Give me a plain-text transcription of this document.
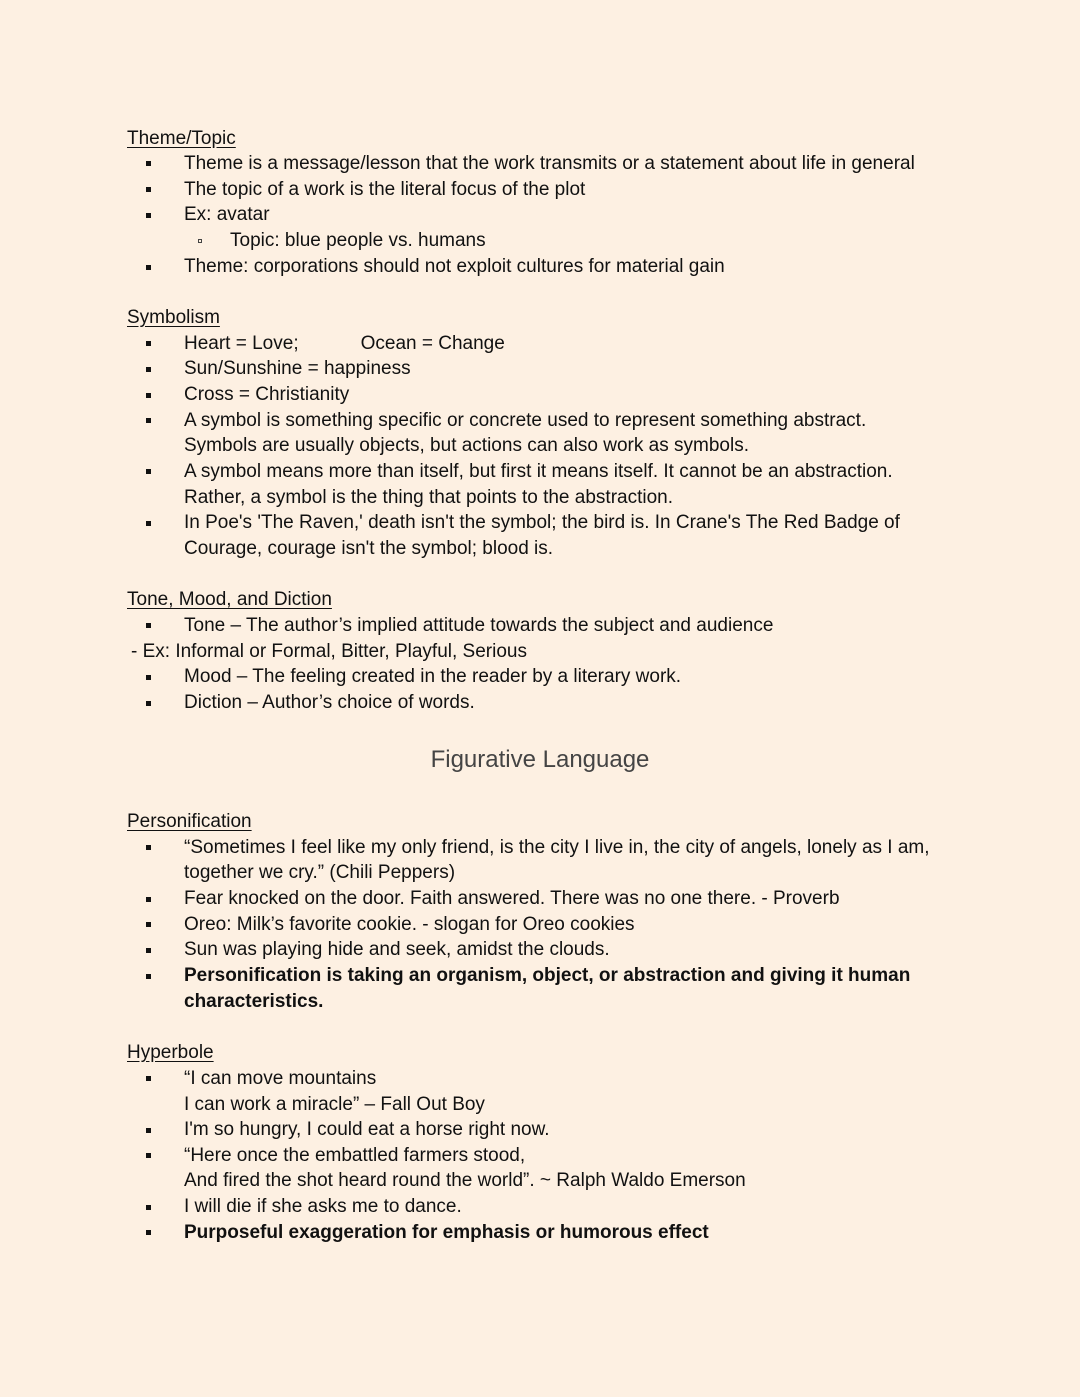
Theme/Topic
Theme is a message/lesson that the work transmits or a statement about life in general
The topic of a work is the literal focus of the plot
Ex: avatar
Topic: blue people vs. humans
Theme: corporations should not exploit cultures for material gain
Symbolism
Heart = Love;	Ocean = Change
Sun/Sunshine = happiness
Cross = Christianity
A symbol is something specific or concrete used to represent something abstract.
Symbols are usually objects, but actions can also work as symbols.
A symbol means more than itself, but first it means itself. It cannot be an abstraction.
Rather, a symbol is the thing that points to the abstraction.
In Poe's 'The Raven,' death isn't the symbol; the bird is. In Crane's The Red Badge of
Courage, courage isn't the symbol; blood is.
Tone, Mood, and Diction
Tone – The author’s implied attitude towards the subject and audience
- Ex: Informal or Formal, Bitter, Playful, Serious
Mood – The feeling created in the reader by a literary work.
Diction – Author’s choice of words.
Figurative Language
Personification
“Sometimes I feel like my only friend, is the city I live in, the city of angels, lonely as I am,
together we cry.” (Chili Peppers)
Fear knocked on the door. Faith answered. There was no one there. - Proverb
Oreo: Milk’s favorite cookie. - slogan for Oreo cookies
Sun was playing hide and seek, amidst the clouds.
Personification is taking an organism, object, or abstraction and giving it human
characteristics.
Hyperbole
“I can move mountains
I can work a miracle” – Fall Out Boy
I'm so hungry, I could eat a horse right now.
“Here once the embattled farmers stood,
And fired the shot heard round the world”. ~ Ralph Waldo Emerson
I will die if she asks me to dance.
Purposeful exaggeration for emphasis or humorous effect
